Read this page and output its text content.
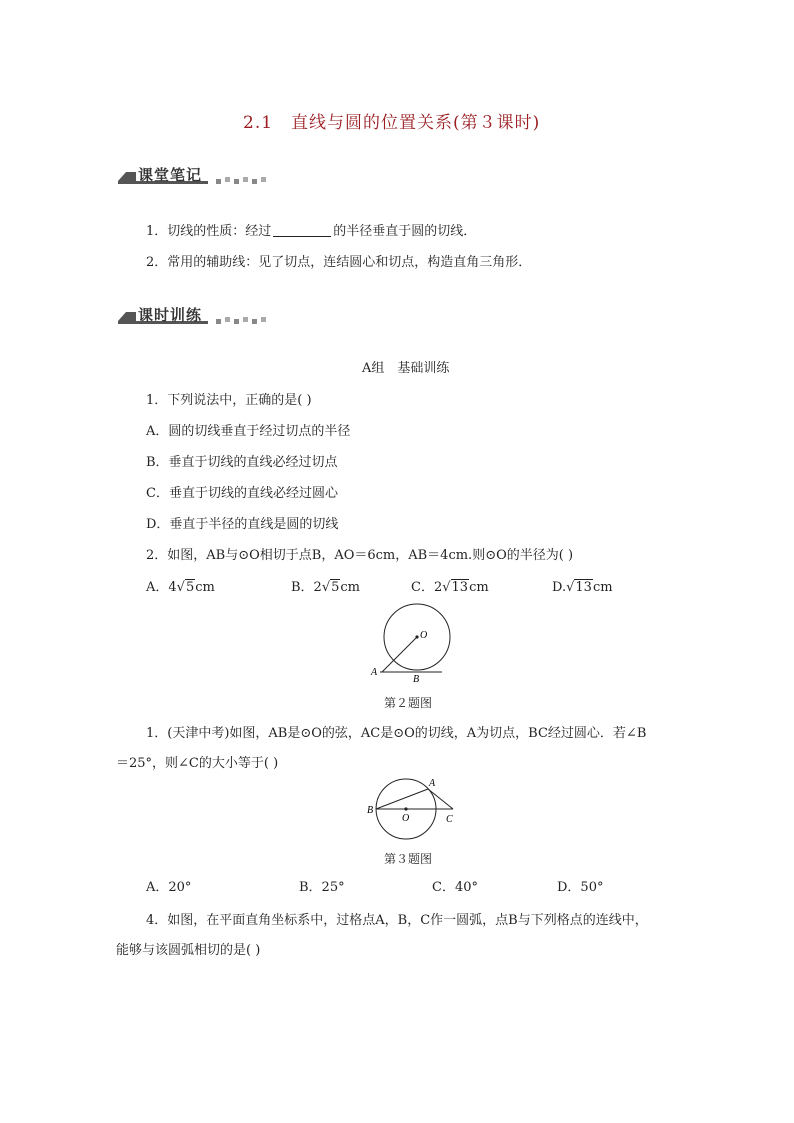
2.1　直线与圆的位置关系(第３课时)
课堂笔记
1．切线的性质：经过	的半径垂直于圆的切线．
2．常用的辅助线：见了切点，连结圆心和切点，构造直角三角形．
课时训练
A组　基础训练
1．下列说法中，正确的是( )
A．圆的切线垂直于经过切点的半径
B．垂直于切线的直线必经过切点
C．垂直于切线的直线必经过圆心
D．垂直于半径的直线是圆的切线
2．如图，AB与⊙O相切于点B，AO＝6cm，AB＝4cm.则⊙O的半径为( )
A．4√5cm	B．2√5cm	C．2√13cm	D.√13cm
O
A
B
第２题图
1．(天津中考)如图，AB是⊙O的弦，AC是⊙O的切线，A为切点，BC经过圆心．若∠B
＝25°，则∠C的大小等于( )
A
B
O	C
第３题图
A．20°	B．25°	C．40°	D．50°
4．如图，在平面直角坐标系中，过格点A，B，C作一圆弧，点B与下列格点的连线中，
能够与该圆弧相切的是( )
